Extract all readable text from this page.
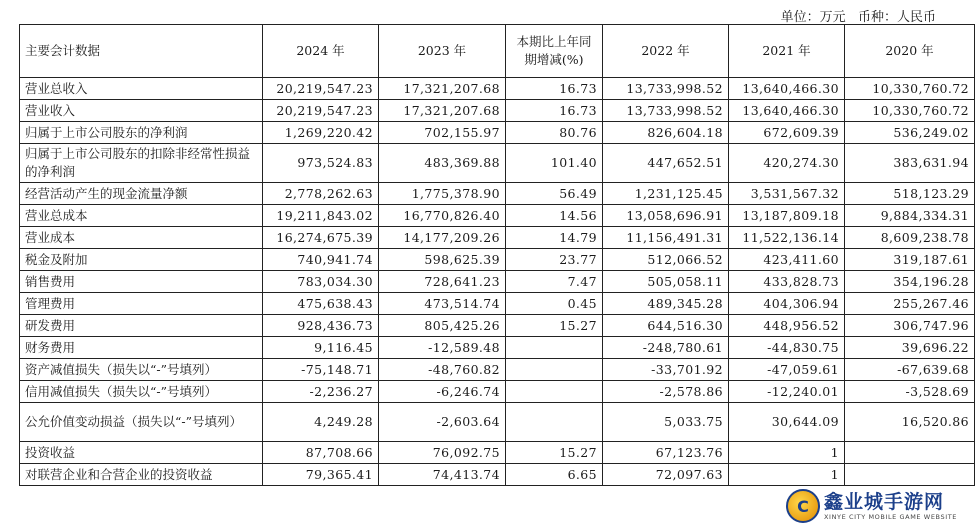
单位：万元   币种：人民币
主要会计数据	2024 年	2023 年	本期比上年同期增减(%)	2022 年	2021 年	2020 年
营业总收入	20,219,547.23	17,321,207.68	16.73	13,733,998.52	13,640,466.30	10,330,760.72
营业收入	20,219,547.23	17,321,207.68	16.73	13,733,998.52	13,640,466.30	10,330,760.72
归属于上市公司股东的净利润	1,269,220.42	702,155.97	80.76	826,604.18	672,609.39	536,249.02
归属于上市公司股东的扣除非经常性损益的净利润	973,524.83	483,369.88	101.40	447,652.51	420,274.30	383,631.94
经营活动产生的现金流量净额	2,778,262.63	1,775,378.90	56.49	1,231,125.45	3,531,567.32	518,123.29
营业总成本	19,211,843.02	16,770,826.40	14.56	13,058,696.91	13,187,809.18	9,884,334.31
营业成本	16,274,675.39	14,177,209.26	14.79	11,156,491.31	11,522,136.14	8,609,238.78
税金及附加	740,941.74	598,625.39	23.77	512,066.52	423,411.60	319,187.61
销售费用	783,034.30	728,641.23	7.47	505,058.11	433,828.73	354,196.28
管理费用	475,638.43	473,514.74	0.45	489,345.28	404,306.94	255,267.46
研发费用	928,436.73	805,425.26	15.27	644,516.30	448,956.52	306,747.96
财务费用	9,116.45	-12,589.48		-248,780.61	-44,830.75	39,696.22
资产减值损失（损失以“-”号填列）	-75,148.71	-48,760.82		-33,701.92	-47,059.61	-67,639.68
信用减值损失（损失以“-”号填列）	-2,236.27	-6,246.74		-2,578.86	-12,240.01	-3,528.69
公允价值变动损益（损失以“-”号填列）	4,249.28	-2,603.64		5,033.75	30,644.09	16,520.86
投资收益	87,708.66	76,092.75	15.27	67,123.76	1	
对联营企业和合营企业的投资收益	79,365.41	74,413.74	6.65	72,097.63	1	
C 鑫业城手游网
XINYE CITY MOBILE GAME WEBSITE
